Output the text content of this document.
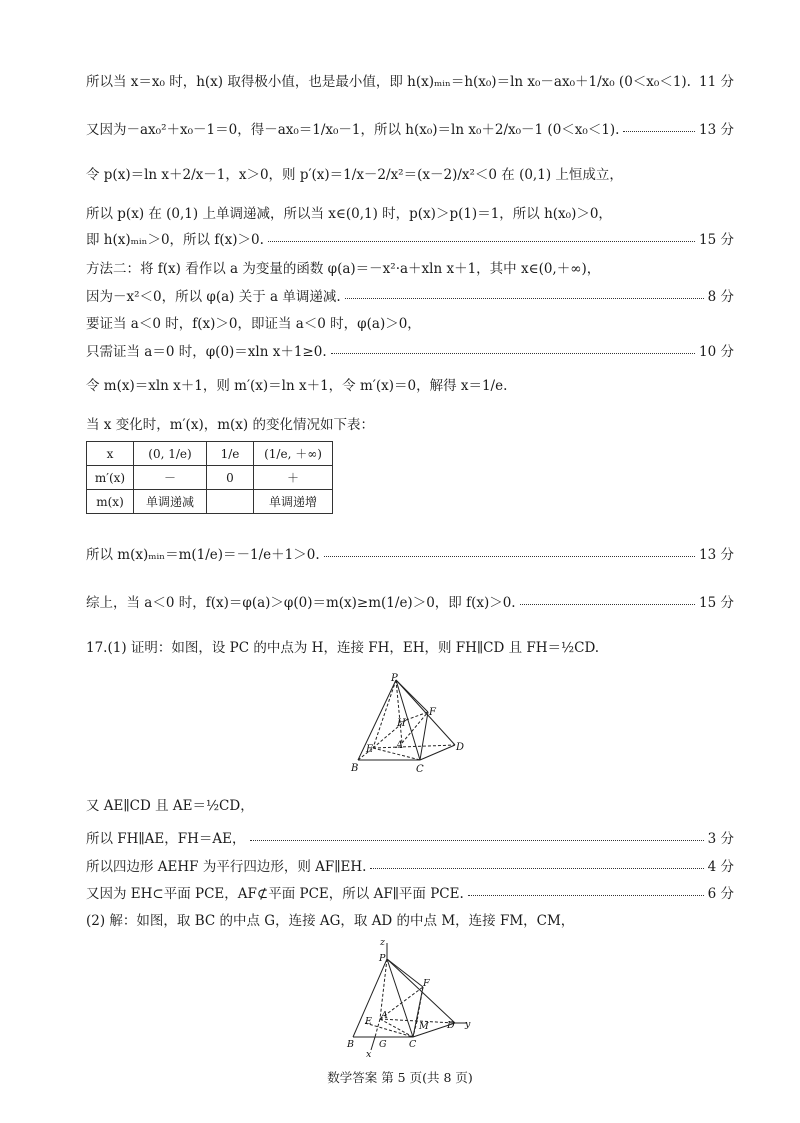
所以当 x＝x₀ 时，h(x) 取得极小值，也是最小值，即 h(x)ₘᵢₙ＝h(x₀)＝ln x₀－ax₀＋1/x₀ (0＜x₀＜1). 11 分
又因为－ax₀²＋x₀－1＝0，得－ax₀＝1/x₀－1，所以 h(x₀)＝ln x₀＋2/x₀－1 (0＜x₀＜1).	13 分
令 p(x)＝ln x＋2/x－1，x＞0，则 p′(x)＝1/x－2/x²＝(x－2)/x²＜0 在 (0,1) 上恒成立，
所以 p(x) 在 (0,1) 上单调递减，所以当 x∈(0,1) 时，p(x)＞p(1)＝1，所以 h(x₀)＞0，
即 h(x)ₘᵢₙ＞0，所以 f(x)＞0.	15 分
方法二：将 f(x) 看作以 a 为变量的函数 φ(a)＝－x²·a＋xln x＋1，其中 x∈(0,＋∞)，
因为－x²＜0，所以 φ(a) 关于 a 单调递减.	8 分
要证当 a＜0 时，f(x)＞0，即证当 a＜0 时，φ(a)＞0，
只需证当 a＝0 时，φ(0)＝xln x＋1≥0.	10 分
令 m(x)＝xln x＋1，则 m′(x)＝ln x＋1，令 m′(x)＝0，解得 x＝1/e.
当 x 变化时，m′(x)，m(x) 的变化情况如下表：
x	(0, 1/e)	1/e	(1/e, ＋∞)
m′(x)	－	0	＋
m(x)	单调递减		单调递增
所以 m(x)ₘᵢₙ＝m(1/e)＝－1/e＋1＞0.	13 分
综上，当 a＜0 时，f(x)＝φ(a)＞φ(0)＝m(x)≥m(1/e)＞0，即 f(x)＞0.	15 分
17.(1) 证明：如图，设 PC 的中点为 H，连接 FH，EH，则 FH∥CD 且 FH＝½CD.
P
H
F
E A
B	C
D
又 AE∥CD 且 AE＝½CD，
所以 FH∥AE，FH＝AE，	3 分
所以四边形 AEHF 为平行四边形，则 AF∥EH.	4 分
又因为 EH⊂平面 PCE，AF⊄平面 PCE，所以 AF∥平面 PCE.	6 分
(2) 解：如图，取 BC 的中点 G，连接 AG，取 AD 的中点 M，连接 FM，CM，
z
P
F
E
A
M D y
B	G C
x
数学答案 第 5 页(共 8 页)
